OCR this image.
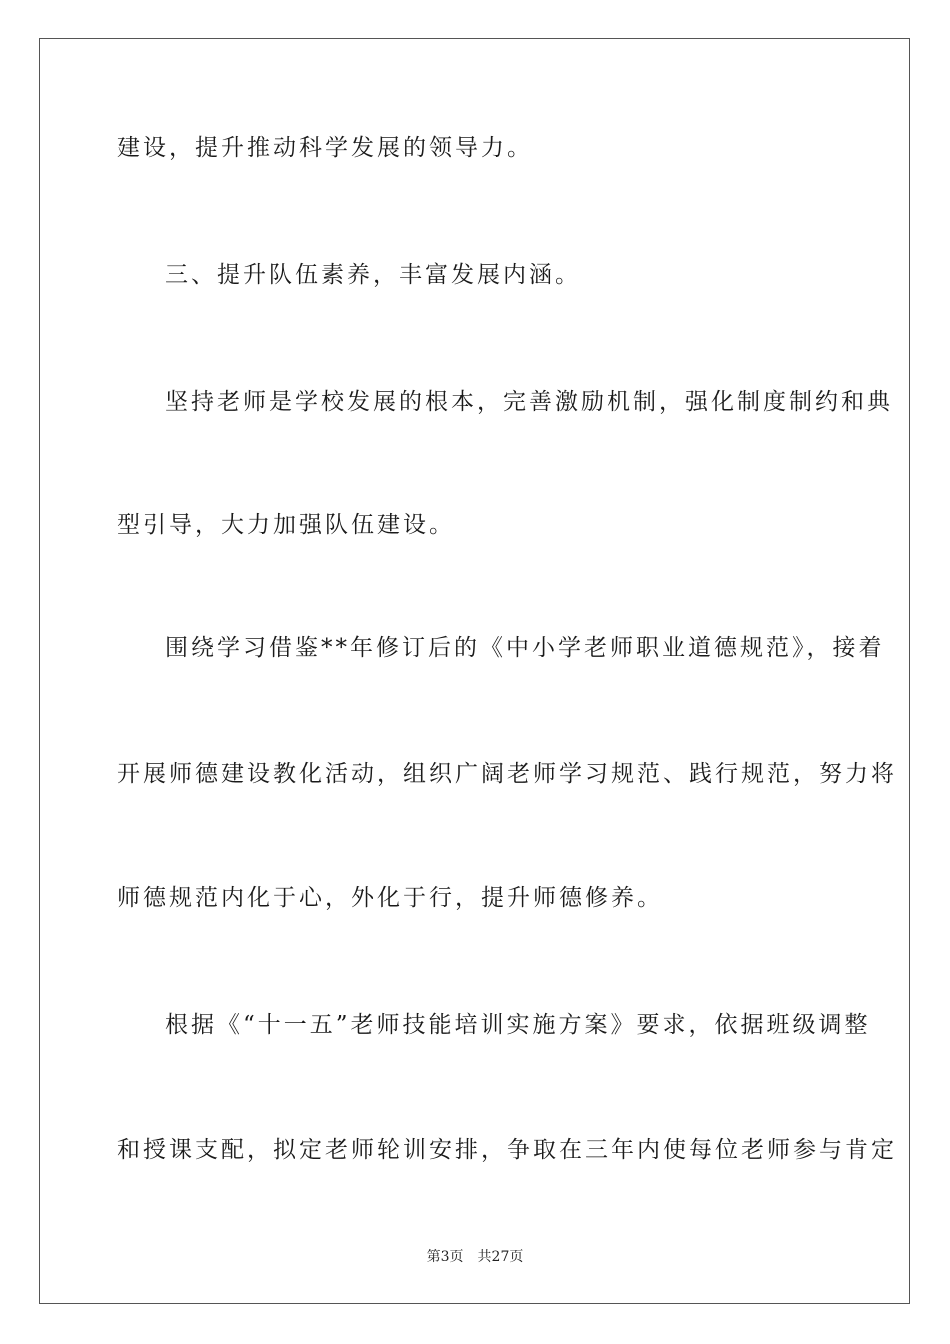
建设，提升推动科学发展的领导力。
三、提升队伍素养，丰富发展内涵。
坚持老师是学校发展的根本，完善激励机制，强化制度制约和典
型引导，大力加强队伍建设。
围绕学习借鉴**年修订后的《中小学老师职业道德规范》，接着
开展师德建设教化活动，组织广阔老师学习规范、践行规范，努力将
师德规范内化于心，外化于行，提升师德修养。
根据《“十一五”老师技能培训实施方案》要求，依据班级调整
和授课支配，拟定老师轮训安排，争取在三年内使每位老师参与肯定
第3页 共27页
